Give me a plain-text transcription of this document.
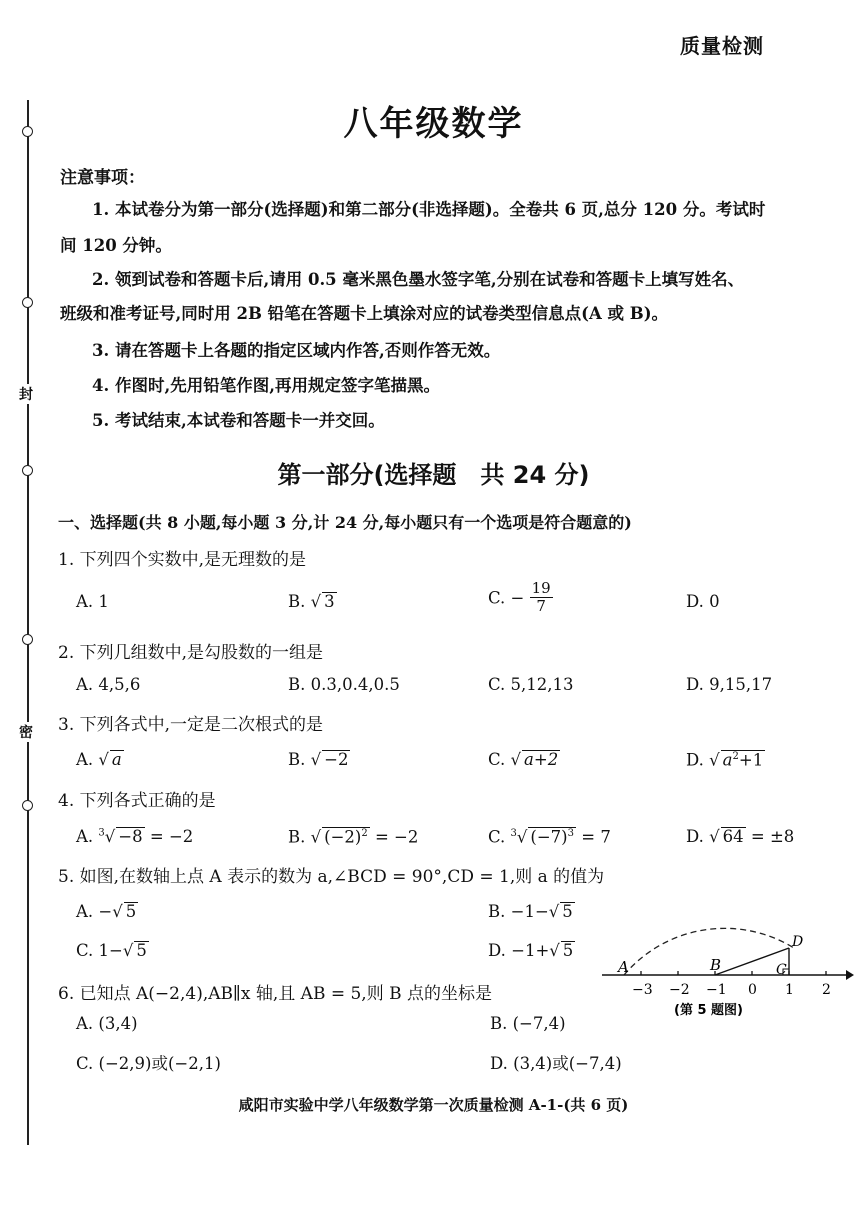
封
密
质量检测
八年级数学
注意事项：
1. 本试卷分为第一部分(选择题)和第二部分(非选择题)。全卷共 6 页,总分 120 分。考试时
间 120 分钟。
2. 领到试卷和答题卡后,请用 0.5 毫米黑色墨水签字笔,分别在试卷和答题卡上填写姓名、
班级和准考证号,同时用 2B 铅笔在答题卡上填涂对应的试卷类型信息点(A 或 B)。
3. 请在答题卡上各题的指定区域内作答,否则作答无效。
4. 作图时,先用铅笔作图,再用规定签字笔描黑。
5. 考试结束,本试卷和答题卡一并交回。
第一部分(选择题　共 24 分)
一、选择题(共 8 小题,每小题 3 分,计 24 分,每小题只有一个选项是符合题意的)
1. 下列四个实数中,是无理数的是
A. 1	B. √ 3	C. − $\frac{19}{7}$	D. 0
2. 下列几组数中,是勾股数的一组是
A. 4,5,6	B. 0.3,0.4,0.5	C. 5,12,13	D. 9,15,17
3. 下列各式中,一定是二次根式的是
A. √ a	B. √ −2	C. √ a+2	D. √ $a^2+1$
4. 下列各式正确的是
A. $^3$√ −8 = −2	B. √ $(-2)^2 = -2$	C. $^3$√ $(-7)^3 = 7$	D. √ 64 = ±8
5. 如图,在数轴上点 A 表示的数为 a,∠BCD = 90°,CD = 1,则 a 的值为
A. −√ 5	B. −1−√ 5
C. 1−√ 5	D. −1+√ 5
6. 已知点 A(−2,4),AB∥x 轴,且 AB = 5,则 B 点的坐标是
A. (3,4)	B. (−7,4)
C. (−2,9)或(−2,1)	D. (3,4)或(−7,4)
A	B	C
D
−3 −2 −1 0 1 2
(第 5 题图)
咸阳市实验中学八年级数学第一次质量检测 A-1-(共 6 页)
